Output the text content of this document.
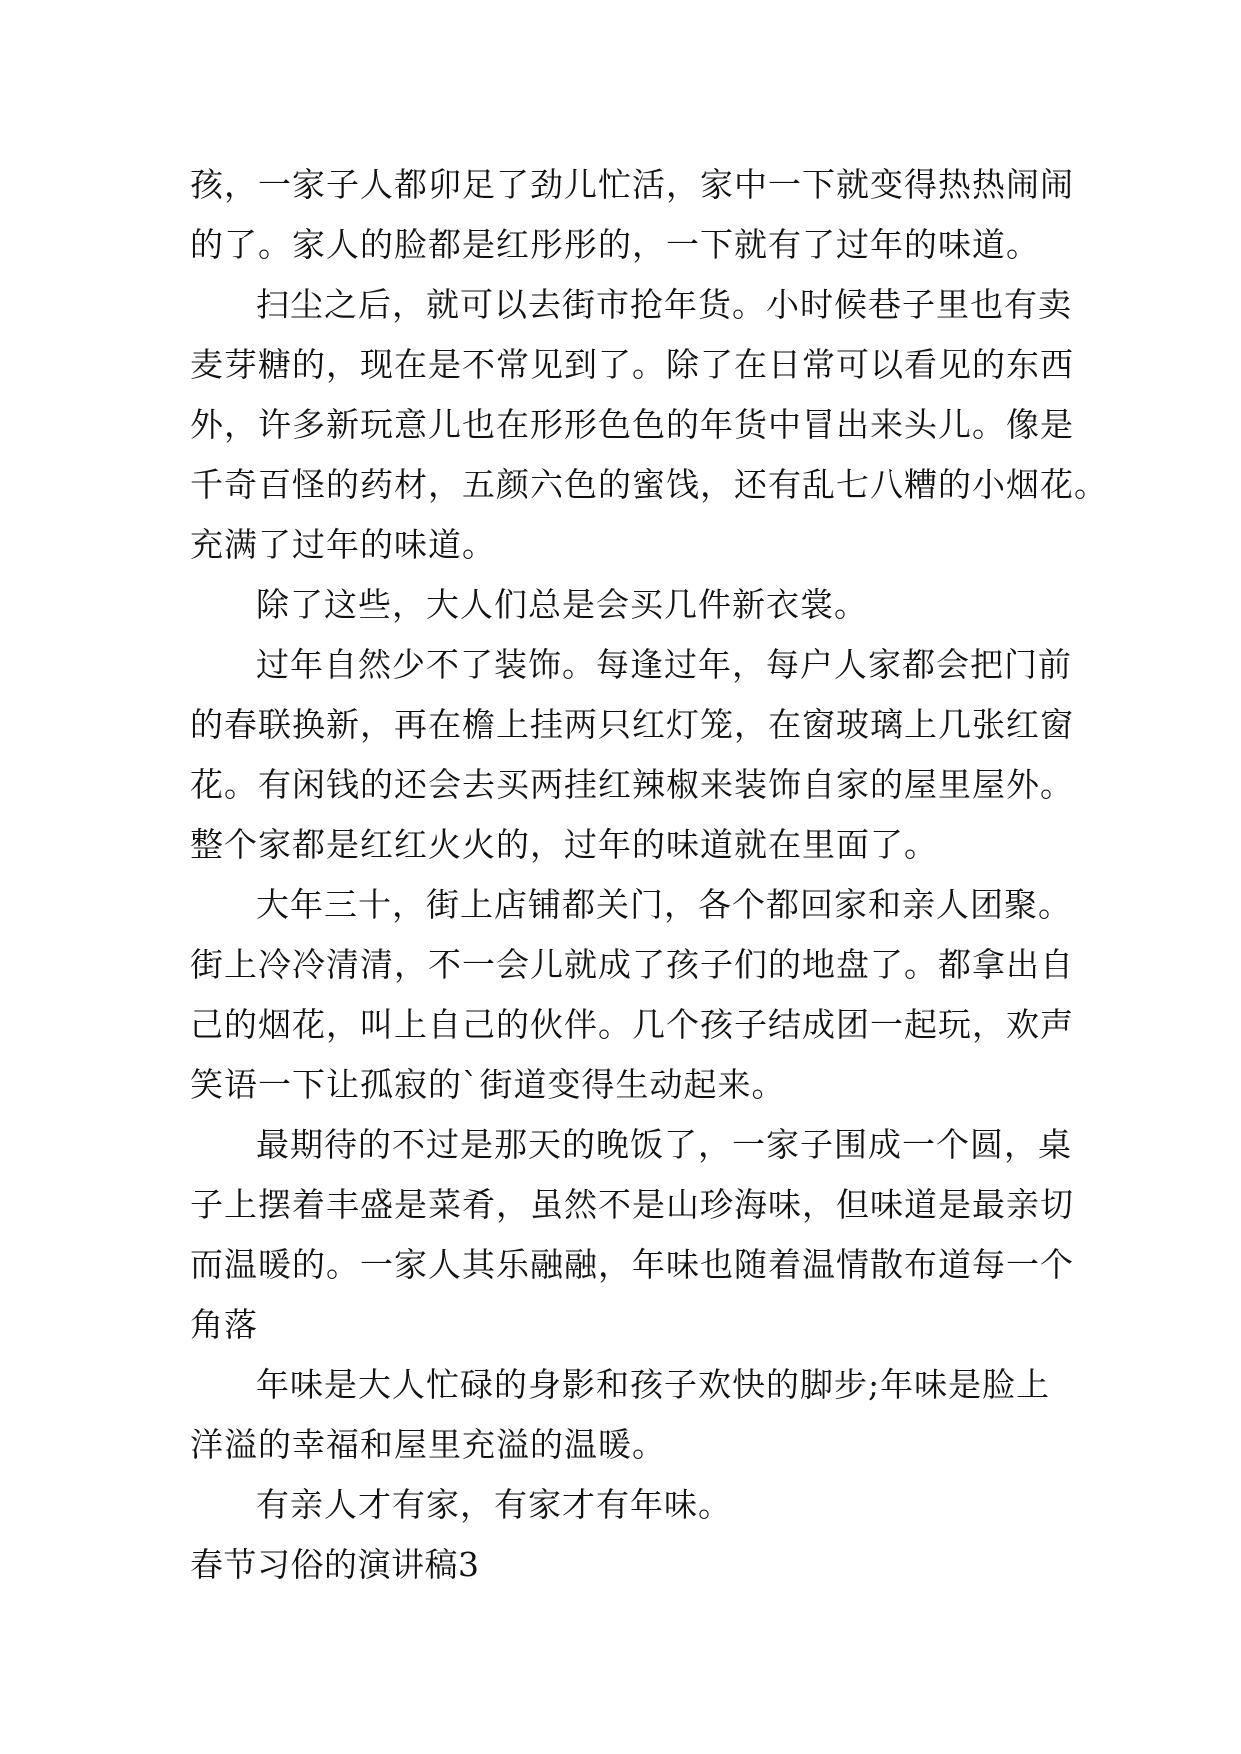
孩，一家子人都卯足了劲儿忙活，家中一下就变得热热闹闹
的了。家人的脸都是红彤彤的，一下就有了过年的味道。
扫尘之后，就可以去街市抢年货。小时候巷子里也有卖
麦芽糖的，现在是不常见到了。除了在日常可以看见的东西
外，许多新玩意儿也在形形色色的年货中冒出来头儿。像是
千奇百怪的药材，五颜六色的蜜饯，还有乱七八糟的小烟花。
充满了过年的味道。
除了这些，大人们总是会买几件新衣裳。
过年自然少不了装饰。每逢过年，每户人家都会把门前
的春联换新，再在檐上挂两只红灯笼，在窗玻璃上几张红窗
花。有闲钱的还会去买两挂红辣椒来装饰自家的屋里屋外。
整个家都是红红火火的，过年的味道就在里面了。
大年三十，街上店铺都关门，各个都回家和亲人团聚。
街上冷冷清清，不一会儿就成了孩子们的地盘了。都拿出自
己的烟花，叫上自己的伙伴。几个孩子结成团一起玩，欢声
笑语一下让孤寂的`街道变得生动起来。
最期待的不过是那天的晚饭了，一家子围成一个圆，桌
子上摆着丰盛是菜肴，虽然不是山珍海味，但味道是最亲切
而温暖的。一家人其乐融融，年味也随着温情散布道每一个
角落
年味是大人忙碌的身影和孩子欢快的脚步;年味是脸上
洋溢的幸福和屋里充溢的温暖。
有亲人才有家，有家才有年味。
春节习俗的演讲稿3
